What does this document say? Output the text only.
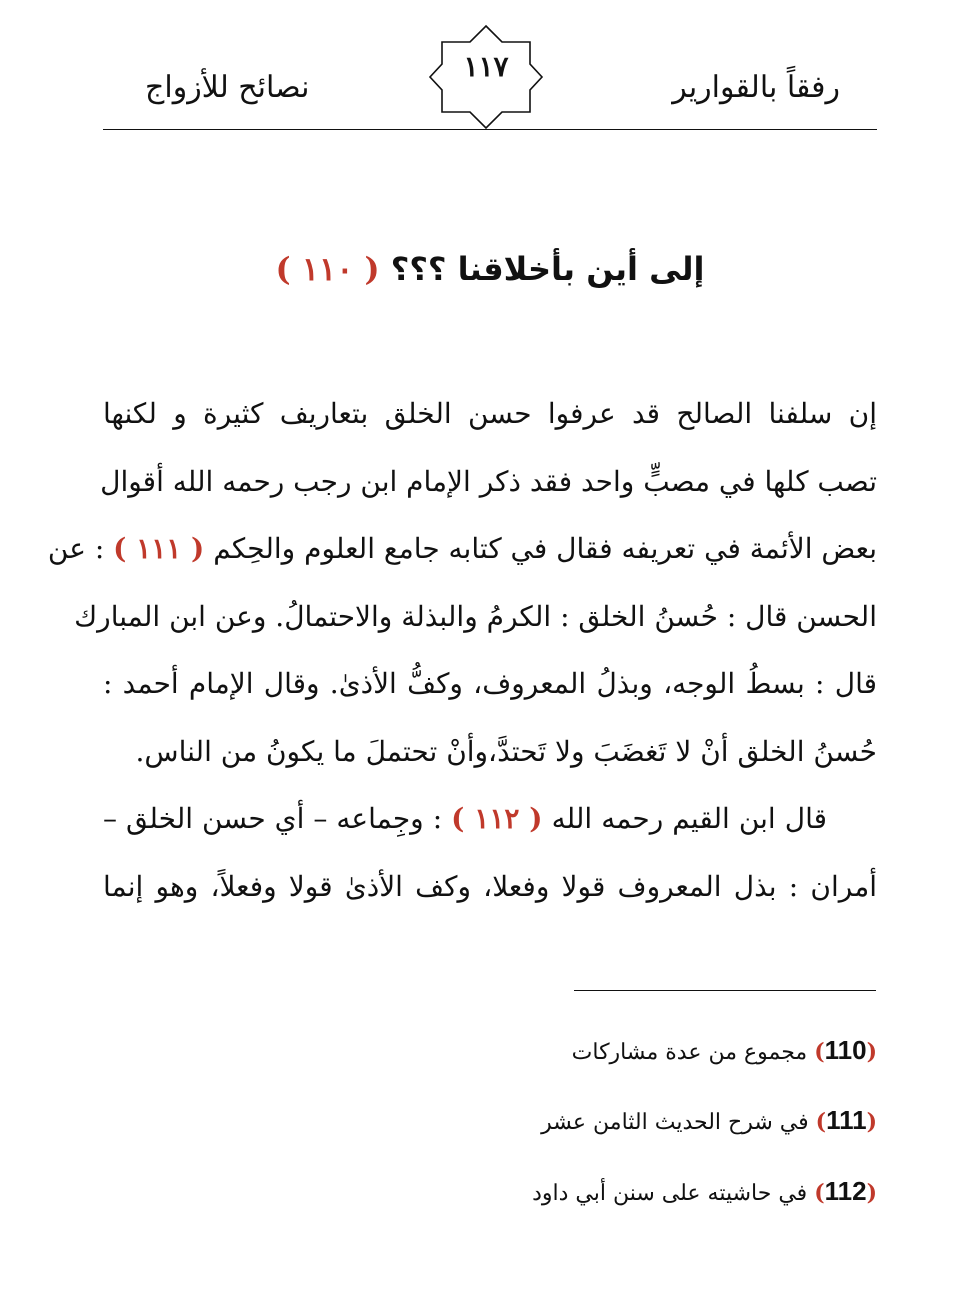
رفقاً بالقوارير
١١٧
نصائح للأزواج
إلى أين بأخلاقنا ؟؟؟ ( ١١٠ )
إن سلفنا الصالح قد عرفوا حسن الخلق بتعاريف كثيرة و لكنها
تصب كلها في مصبٍّ واحد فقد ذكر الإمام ابن رجب رحمه الله أقوال
بعض الأئمة في تعريفه فقال في كتابه جامع العلوم والحِكم ( ١١١ ) : عن
الحسن قال : حُسنُ الخلق : الكرمُ والبذلة والاحتمالُ. وعن ابن المبارك
قال : بسطُ الوجه، وبذلُ المعروف، وكفُّ الأذىٰ. وقال الإمام أحمد :
حُسنُ الخلق أنْ لا تَغضَبَ ولا تَحتدَّ،وأنْ تحتملَ ما يكونُ من الناس.
قال ابن القيم رحمه الله ( ١١٢ ) : وجِماعه – أي حسن الخلق –
أمران : بذل المعروف قولا وفعلا، وكف الأذىٰ قولا وفعلاً، وهو إنما
(110) مجموع من عدة مشاركات
(111) في شرح الحديث الثامن عشر
(112) في حاشيته على سنن أبي داود
